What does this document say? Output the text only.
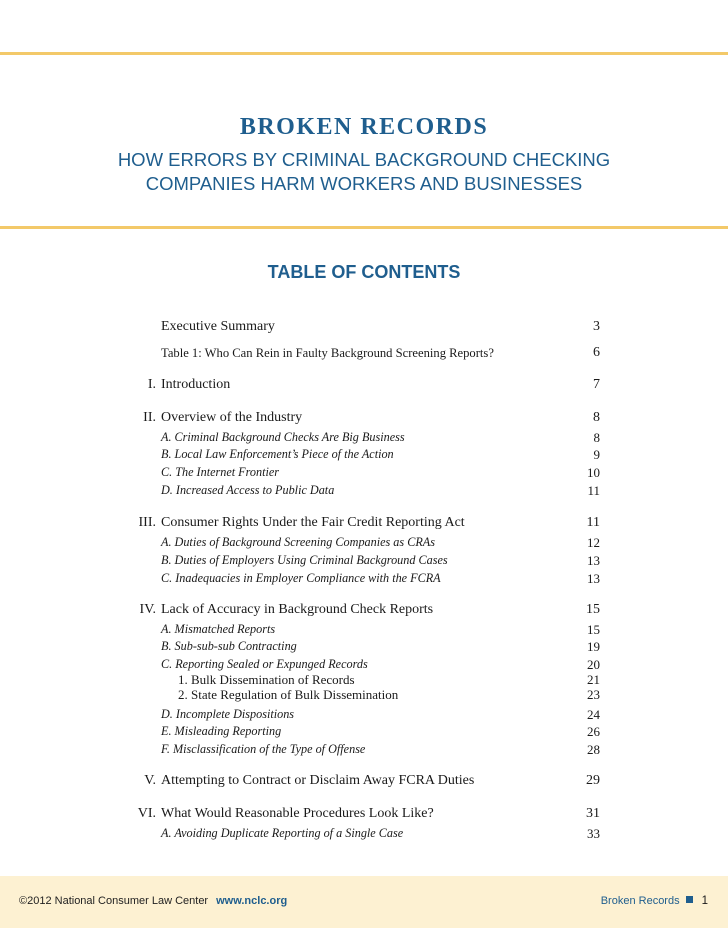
BROKEN RECORDS
HOW ERRORS BY CRIMINAL BACKGROUND CHECKING
COMPANIES HARM WORKERS AND BUSINESSES
TABLE OF CONTENTS
Executive Summary	3
Table 1: Who Can Rein in Faulty Background Screening Reports?	6
I. Introduction	7
II. Overview of the Industry	8
A. Criminal Background Checks Are Big Business	8
B. Local Law Enforcement’s Piece of the Action	9
C. The Internet Frontier	10
D. Increased Access to Public Data	11
III. Consumer Rights Under the Fair Credit Reporting Act	11
A. Duties of Background Screening Companies as CRAs	12
B. Duties of Employers Using Criminal Background Cases	13
C. Inadequacies in Employer Compliance with the FCRA	13
IV. Lack of Accuracy in Background Check Reports	15
A. Mismatched Reports	15
B. Sub-sub-sub Contracting	19
C. Reporting Sealed or Expunged Records	20
1. Bulk Dissemination of Records	21
2. State Regulation of Bulk Dissemination	23
D. Incomplete Dispositions	24
E. Misleading Reporting	26
F. Misclassification of the Type of Offense	28
V. Attempting to Contract or Disclaim Away FCRA Duties	29
VI. What Would Reasonable Procedures Look Like?	31
A. Avoiding Duplicate Reporting of a Single Case	33
©2012 National Consumer Law Center www.nclc.org	Broken Records 1
